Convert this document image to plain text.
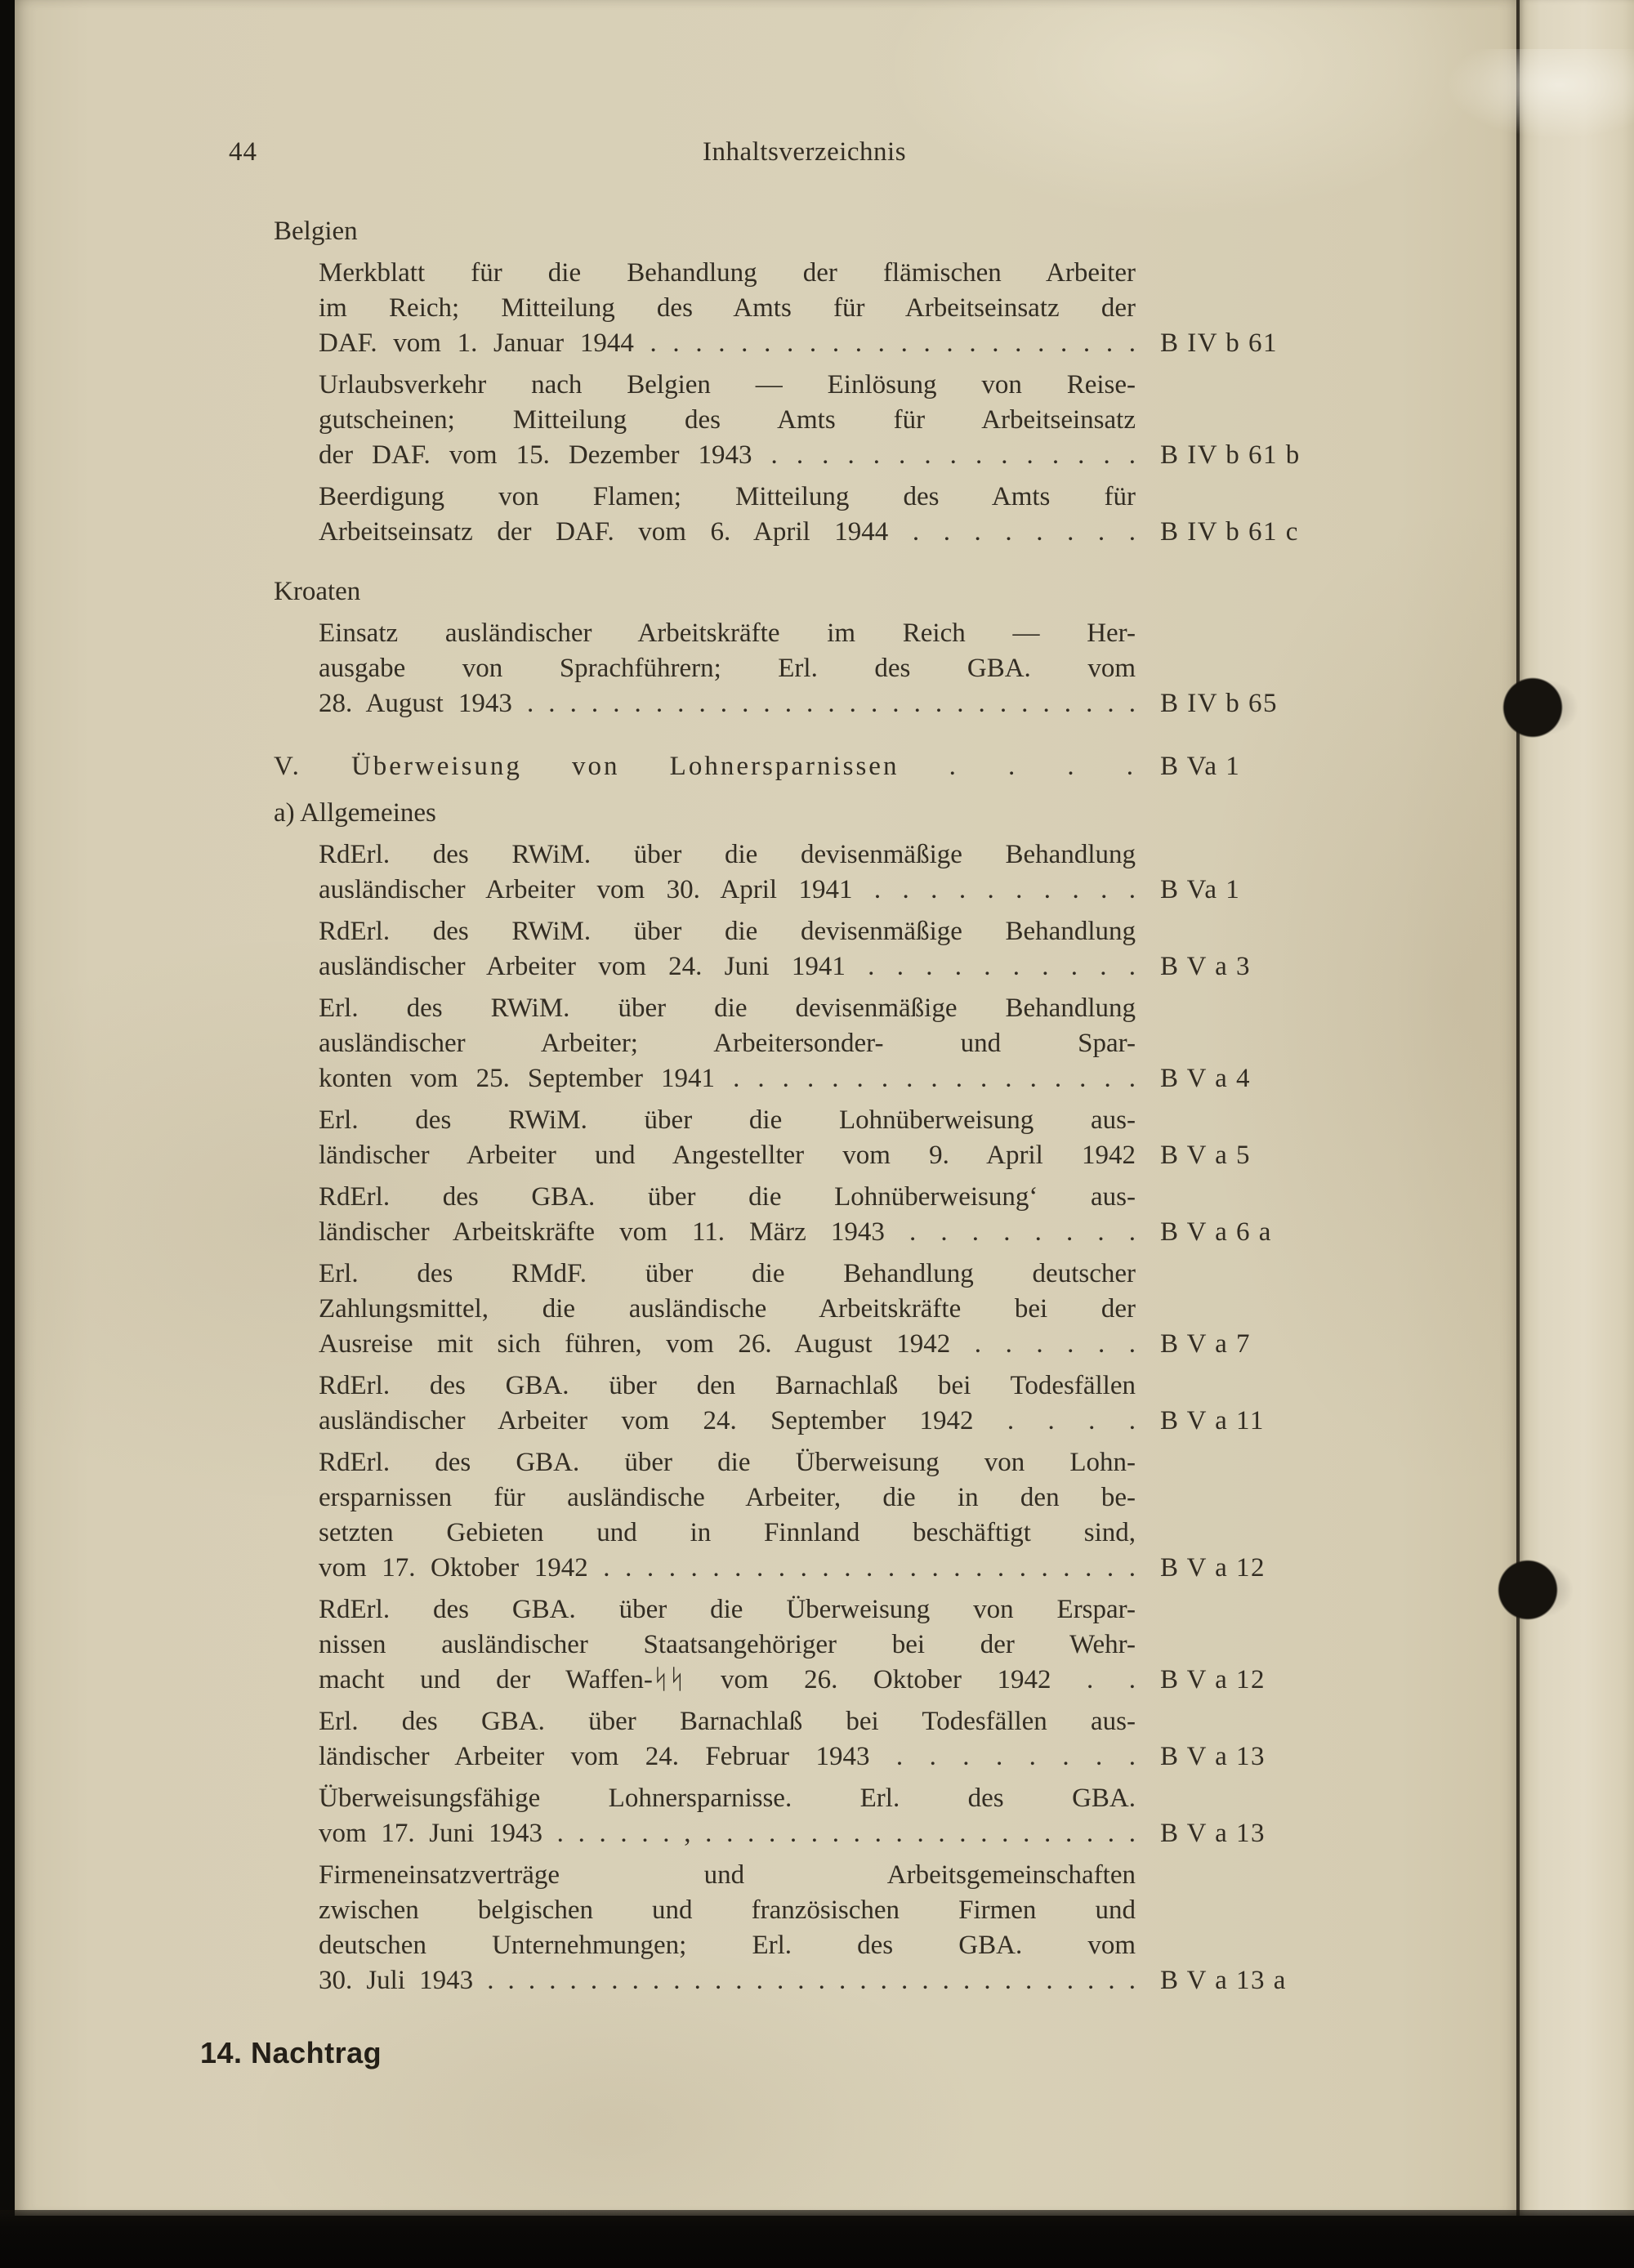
44	Inhaltsverzeichnis
Belgien
Merkblatt für die Behandlung der flämischen Arbeiter
im Reich; Mitteilung des Amts für Arbeitseinsatz der
DAF. vom 1. Januar 1944 . . . . . . . . . . . . . . . . . . . . . . B IV b 61
Urlaubsverkehr nach Belgien — Einlösung von Reise-
gutscheinen; Mitteilung des Amts für Arbeitseinsatz
der DAF. vom 15. Dezember 1943 . . . . . . . . . . . . . . . B IV b 61 b
Beerdigung von Flamen; Mitteilung des Amts für
Arbeitseinsatz der DAF. vom 6. April 1944 . . . . . . . . B IV b 61 c
Kroaten
Einsatz ausländischer Arbeitskräfte im Reich — Her-
ausgabe von Sprachführern; Erl. des GBA. vom
28. August 1943 . . . . . . . . . . . . . . . . . . . . . . . . . . . . . B IV b 65
V. Überweisung von Lohnersparnissen . . . . B Va 1
a) Allgemeines
RdErl. des RWiM. über die devisenmäßige Behandlung
ausländischer Arbeiter vom 30. April 1941 . . . . . . . . . . B Va 1
RdErl. des RWiM. über die devisenmäßige Behandlung
ausländischer Arbeiter vom 24. Juni 1941 . . . . . . . . . . B V a 3
Erl. des RWiM. über die devisenmäßige Behandlung
ausländischer Arbeiter; Arbeitersonder- und Spar-
konten vom 25. September 1941 . . . . . . . . . . . . . . . . . B V a 4
Erl. des RWiM. über die Lohnüberweisung aus-
ländischer Arbeiter und Angestellter vom 9. April 1942 B V a 5
RdErl. des GBA. über die Lohnüberweisung‘ aus-
ländischer Arbeitskräfte vom 11. März 1943 . . . . . . . . B V a 6 a
Erl. des RMdF. über die Behandlung deutscher
Zahlungsmittel, die ausländische Arbeitskräfte bei der
Ausreise mit sich führen, vom 26. August 1942 . . . . . . B V a 7
RdErl. des GBA. über den Barnachlaß bei Todesfällen
ausländischer Arbeiter vom 24. September 1942 . . . . B V a 11
RdErl. des GBA. über die Überweisung von Lohn-
ersparnissen für ausländische Arbeiter, die in den be-
setzten Gebieten und in Finnland beschäftigt sind,
vom 17. Oktober 1942 . . . . . . . . . . . . . . . . . . . . . . . . . B V a 12
RdErl. des GBA. über die Überweisung von Erspar-
nissen ausländischer Staatsangehöriger bei der Wehr-
macht und der Waffen-ᛋᛋ vom 26. Oktober 1942 . . B V a 12
Erl. des GBA. über Barnachlaß bei Todesfällen aus-
ländischer Arbeiter vom 24. Februar 1943 . . . . . . . . B V a 13
Überweisungsfähige Lohnersparnisse. Erl. des GBA.
vom 17. Juni 1943 . . . . . . , . . . . . . . . . . . . . . . . . . . . . B V a 13
Firmeneinsatzverträge und Arbeitsgemeinschaften
zwischen belgischen und französischen Firmen und
deutschen Unternehmungen; Erl. des GBA. vom
30. Juli 1943 . . . . . . . . . . . . . . . . . . . . . . . . . . . . . . . . B V a 13 a
14. Nachtrag
